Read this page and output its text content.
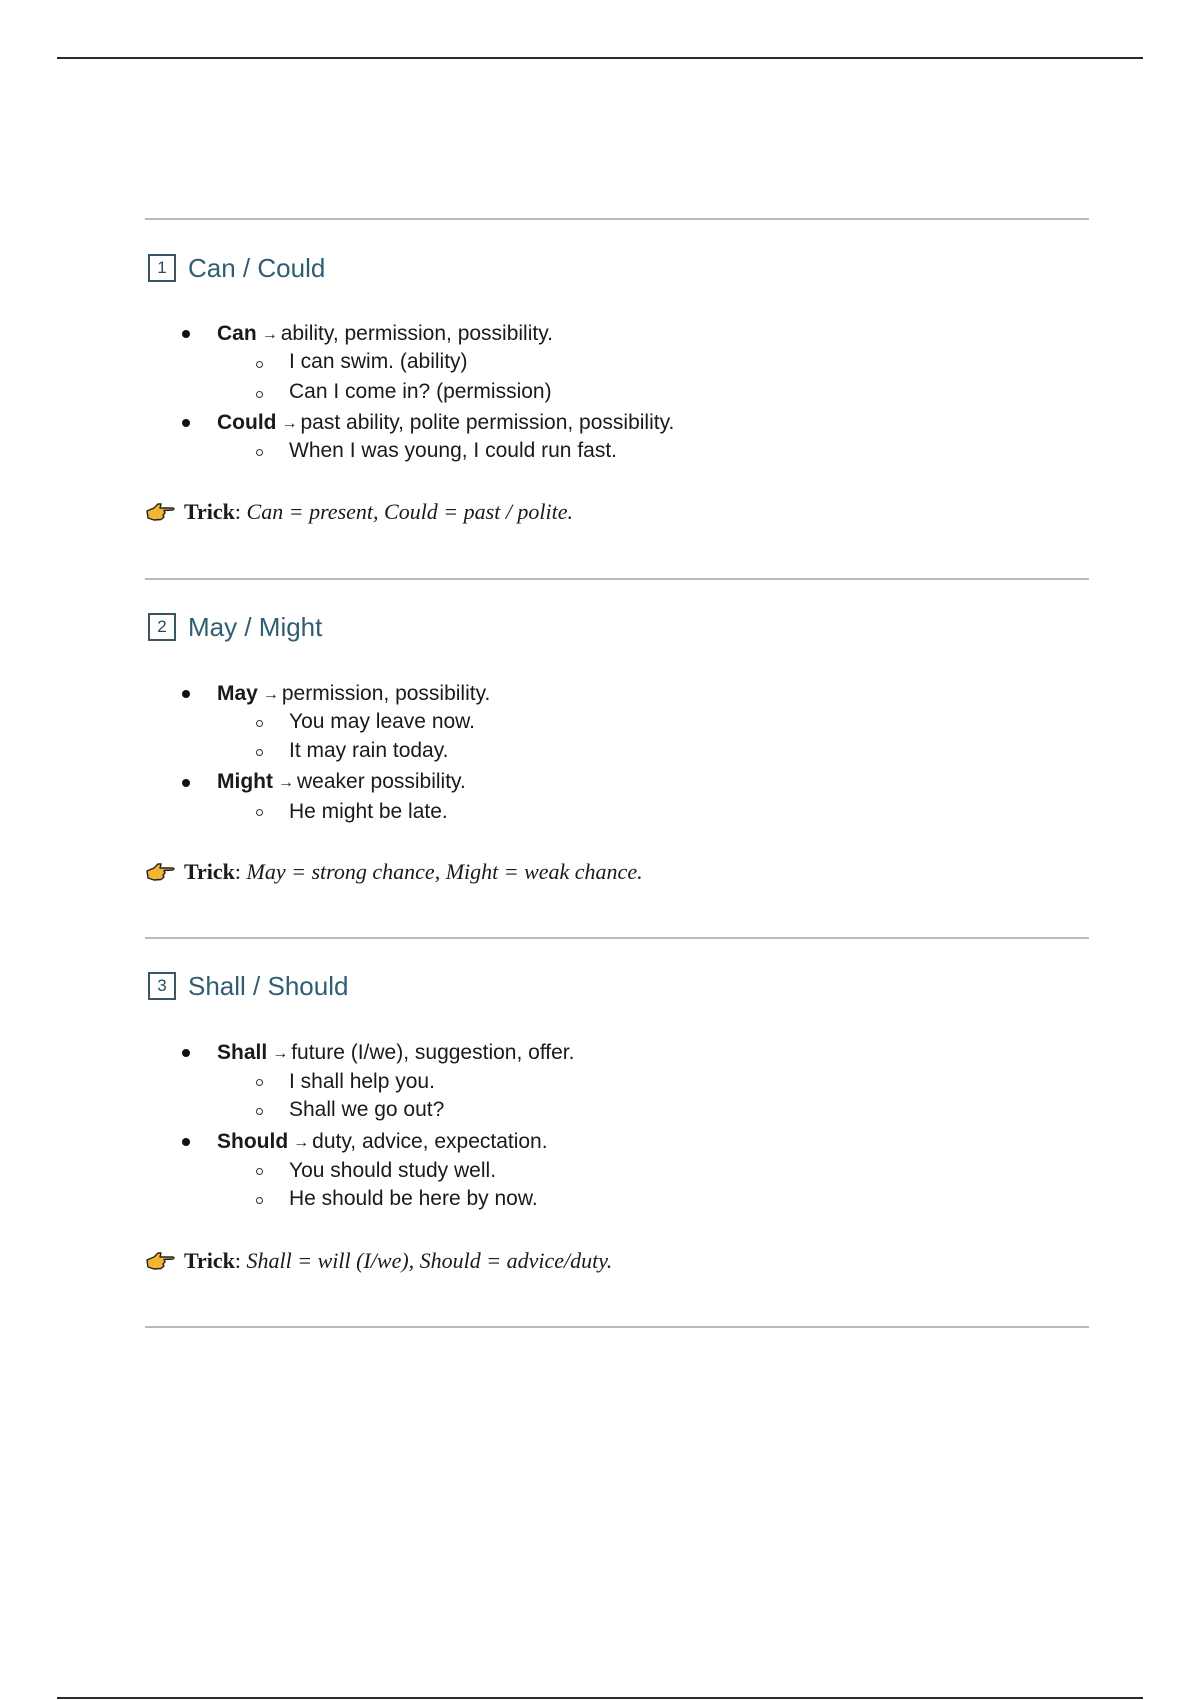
1 Can / Could
Can → ability, permission, possibility.
I can swim. (ability)
Can I come in? (permission)
Could → past ability, polite permission, possibility.
When I was young, I could run fast.
Trick :
Can = present, Could = past / polite.
2 May / Might
May → permission, possibility.
You may leave now.
It may rain today.
Might → weaker possibility.
He might be late.
Trick :
May = strong chance, Might = weak chance.
3 Shall / Should
Shall → future (I/we), suggestion, offer.
I shall help you.
Shall we go out?
Should → duty, advice, expectation.
You should study well.
He should be here by now.
Trick :
Shall = will (I/we), Should = advice/duty.
